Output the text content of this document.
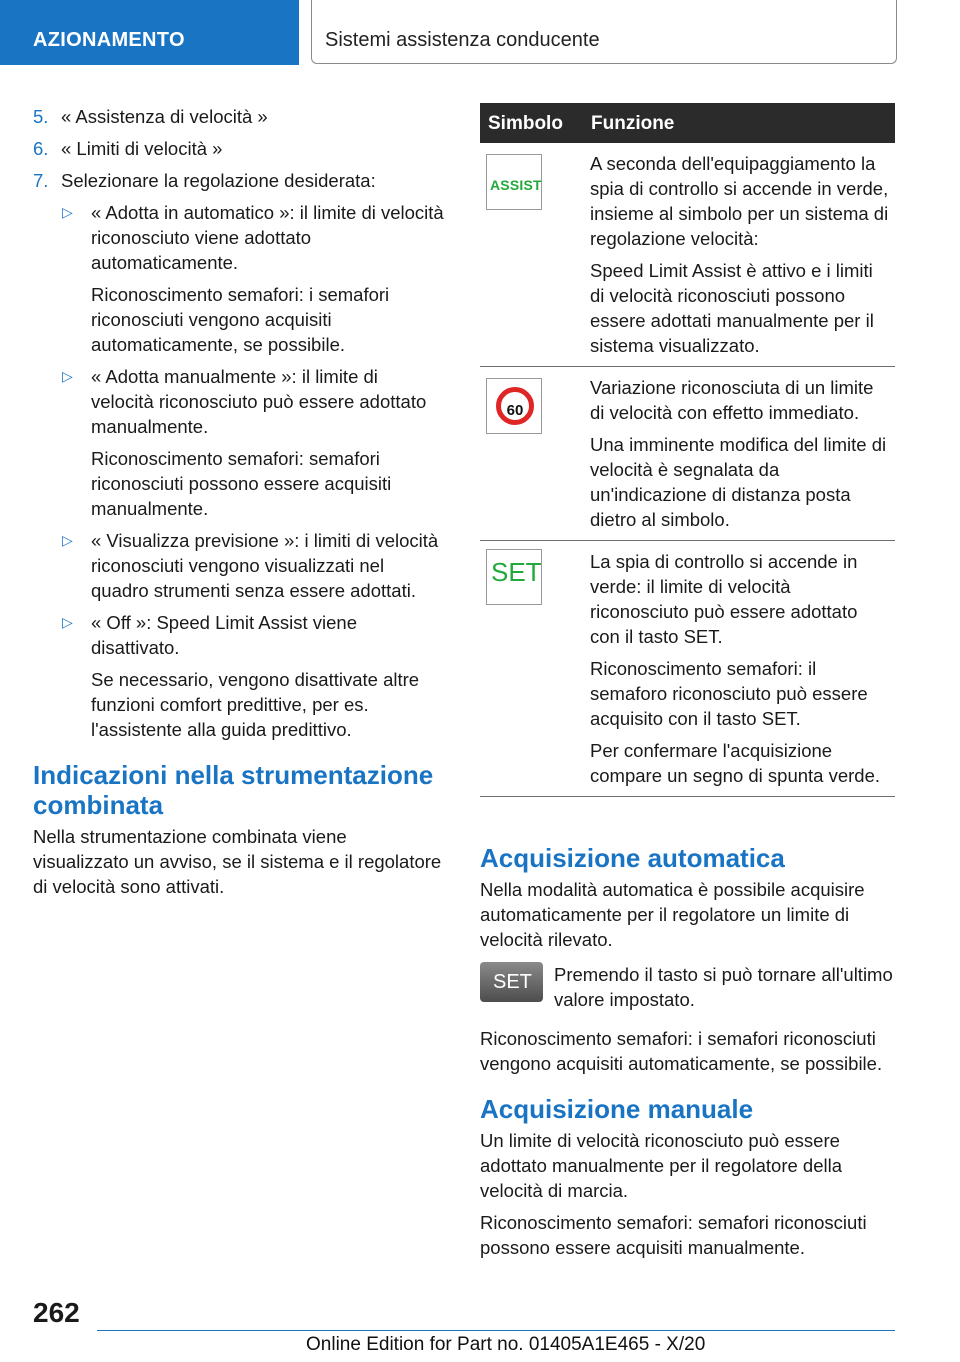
AZIONAMENTO	Sistemi assistenza conducente
5. « Assistenza di velocità »
6. « Limiti di velocità »
7. Selezionare la regolazione desiderata:
▷ « Adotta in automatico »: il limite di velocità riconosciuto viene adottato automaticamente.
Riconoscimento semafori: i semafori riconosciuti vengono acquisiti automaticamente, se possibile.
▷ « Adotta manualmente »: il limite di velocità riconosciuto può essere adottato manualmente.
Riconoscimento semafori: semafori riconosciuti possono essere acquisiti manualmente.
▷ « Visualizza previsione »: i limiti di velocità riconosciuti vengono visualizzati nel quadro strumenti senza essere adottati.
▷ « Off »: Speed Limit Assist viene disattivato.
Se necessario, vengono disattivate altre funzioni comfort predittive, per es. l'assistente alla guida predittivo.
Indicazioni nella strumentazione combinata

Nella strumentazione combinata viene visualizzato un avviso, se il sistema e il regolatore di velocità sono attivati.

Simbolo Funzione
ASSIST

A seconda dell'equipaggiamento la spia di controllo si accende in verde, insieme al simbolo per un sistema di regolazione velocità:

Speed Limit Assist è attivo e i limiti di velocità riconosciuti possono essere adottati manualmente per il sistema visualizzato.

60

Variazione riconosciuta di un limite di velocità con effetto immediato.

Una imminente modifica del limite di velocità è segnalata da un'indicazione di distanza posta dietro al simbolo.

SET	La spia di controllo si accende in verde: il limite di velocità riconosciuto può essere adottato con il tasto SET.

Riconoscimento semafori: il semaforo riconosciuto può essere acquisito con il tasto SET.

Per confermare l'acquisizione compare un segno di spunta verde.

Acquisizione automatica

Nella modalità automatica è possibile acquisire automaticamente per il regolatore un limite di velocità rilevato.

SET Premendo il tasto si può tornare all'ultimo valore impostato.

Riconoscimento semafori: i semafori riconosciuti vengono acquisiti automaticamente, se possibile.

Acquisizione manuale

Un limite di velocità riconosciuto può essere adottato manualmente per il regolatore della velocità di marcia.

Riconoscimento semafori: semafori riconosciuti possono essere acquisiti manualmente.

262
Online Edition for Part no. 01405A1E465 - X/20
